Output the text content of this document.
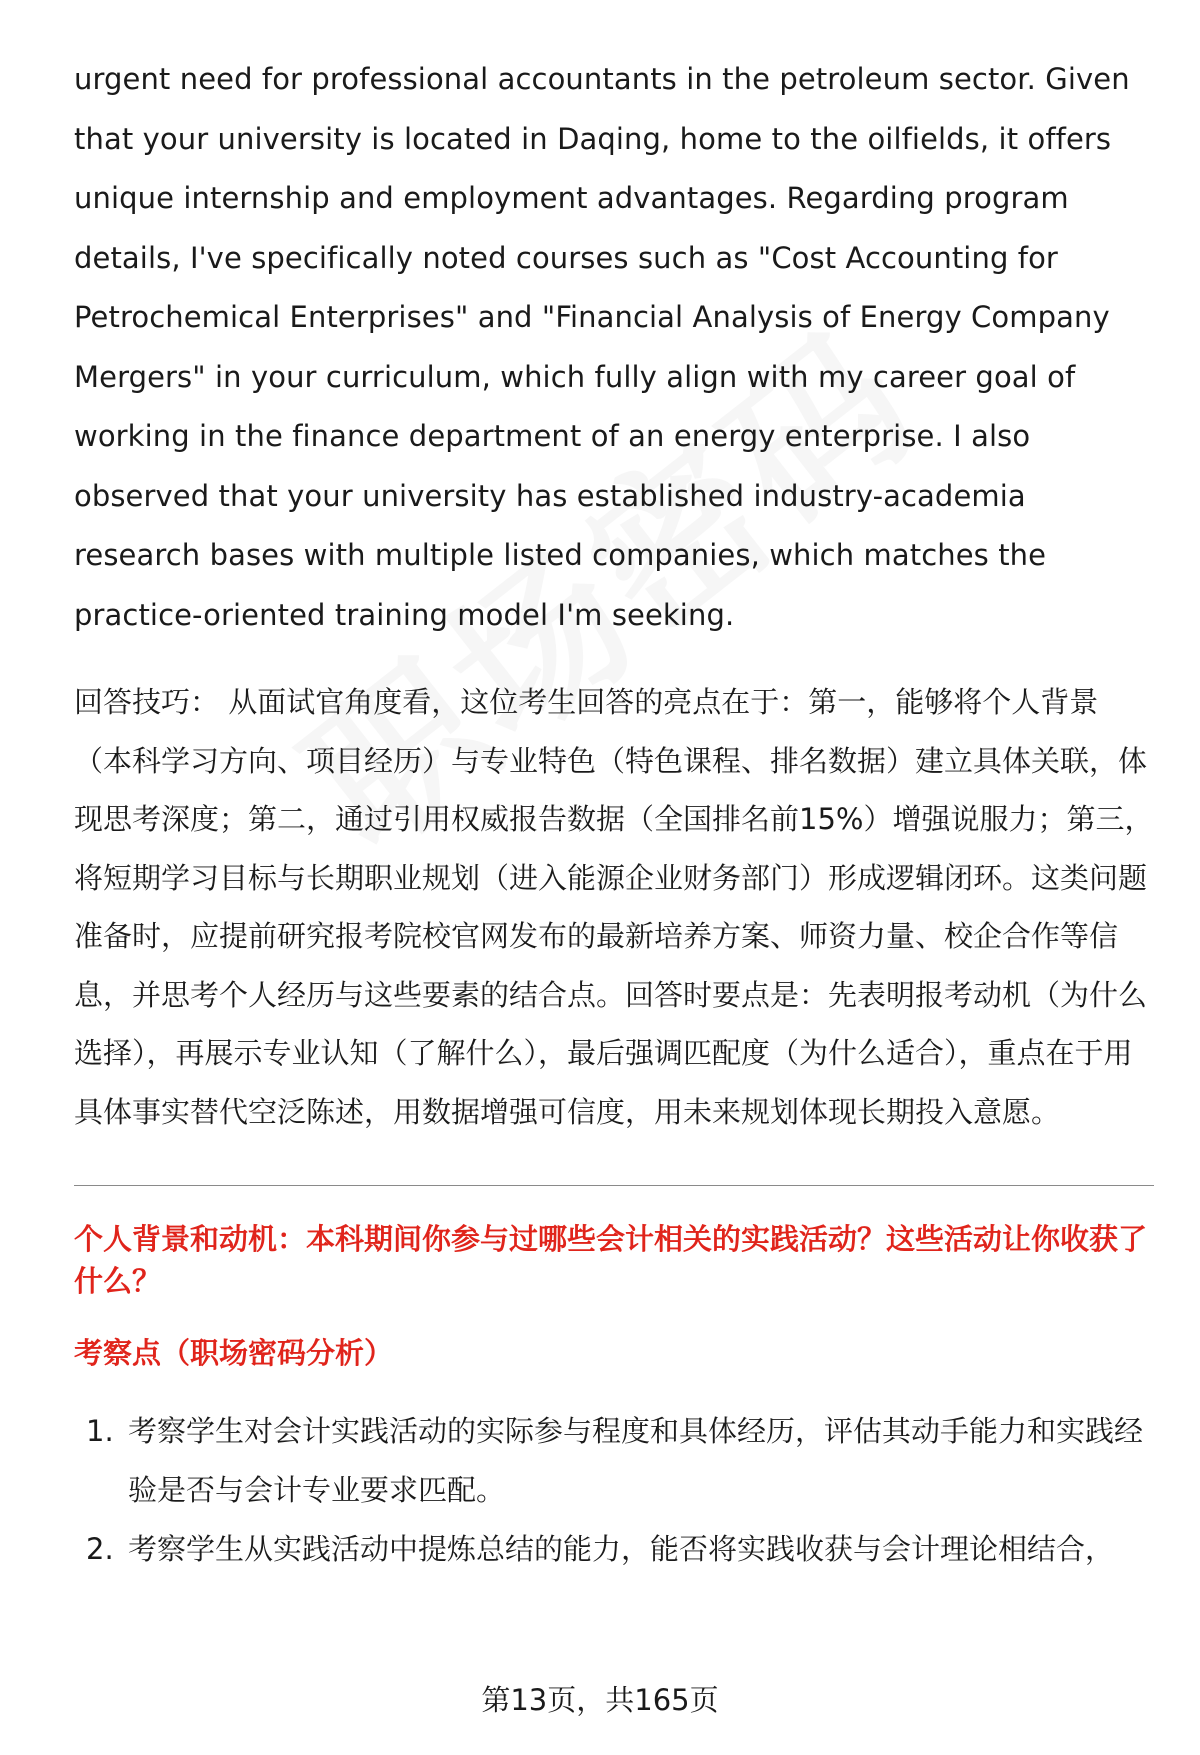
urgent need for professional accountants in the petroleum sector. Given that your university is located in Daqing, home to the oilfields, it offers unique internship and employment advantages. Regarding program details, I've specifically noted courses such as "Cost Accounting for Petrochemical Enterprises" and "Financial Analysis of Energy Company Mergers" in your curriculum, which fully align with my career goal of working in the finance department of an energy enterprise. I also observed that your university has established industry-academia research bases with multiple listed companies, which matches the practice-oriented training model I'm seeking.

回答技巧： 从面试官角度看，这位考生回答的亮点在于：第一，能够将个人背景（本科学习方向、项目经历）与专业特色（特色课程、排名数据）建立具体关联，体现思考深度；第二，通过引用权威报告数据（全国排名前15%）增强说服力；第三，将短期学习目标与长期职业规划（进入能源企业财务部门）形成逻辑闭环。这类问题准备时，应提前研究报考院校官网发布的最新培养方案、师资力量、校企合作等信息，并思考个人经历与这些要素的结合点。回答时要点是：先表明报考动机（为什么选择），再展示专业认知（了解什么），最后强调匹配度（为什么适合），重点在于用具体事实替代空泛陈述，用数据增强可信度，用未来规划体现长期投入意愿。

个人背景和动机：本科期间你参与过哪些会计相关的实践活动？这些活动让你收获了什么？
考察点（职场密码分析）
1. 考察学生对会计实践活动的实际参与程度和具体经历，评估其动手能力和实践经验是否与会计专业要求匹配。
2. 考察学生从实践活动中提炼总结的能力，能否将实践收获与会计理论相结合，
第13页，共165页
